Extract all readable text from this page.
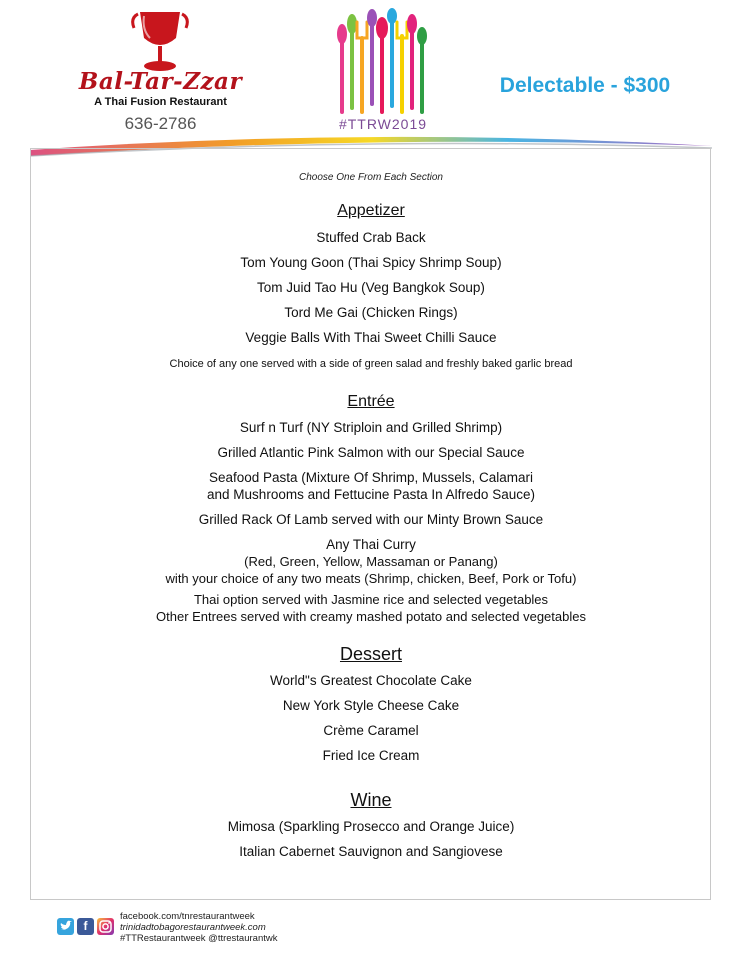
Bal-Tar-Zzar
A Thai Fusion Restaurant
636-2786	#TTRW2019
Delectable - $300
Choose One From Each Section
Appetizer
Stuffed Crab Back
Tom Young Goon (Thai Spicy Shrimp Soup)
Tom Juid Tao Hu (Veg Bangkok Soup)
Tord Me Gai (Chicken Rings)
Veggie Balls With Thai Sweet Chilli Sauce
Choice of any one served with a side of green salad and freshly baked garlic bread
Entrée
Surf n Turf (NY Striploin and Grilled Shrimp)
Grilled Atlantic Pink Salmon with our Special Sauce
Seafood Pasta (Mixture Of Shrimp, Mussels, Calamari
and Mushrooms and Fettucine Pasta In Alfredo Sauce)
Grilled Rack Of Lamb served with our Minty Brown Sauce
Any Thai Curry
(Red, Green, Yellow, Massaman or Panang)
with your choice of any two meats (Shrimp, chicken, Beef, Pork or Tofu)
Thai option served with Jasmine rice and selected vegetables
Other Entrees served with creamy mashed potato and selected vegetables
Dessert
World"s Greatest Chocolate Cake
New York Style Cheese Cake
Crème Caramel
Fried Ice Cream
Wine
Mimosa (Sparkling Prosecco and Orange Juice)
Italian Cabernet Sauvignon and Sangiovese
f
facebook.com/tnrestaurantweek
trinidadtobagorestaurantweek.com
#TTRestaurantweek @ttrestaurantwk
